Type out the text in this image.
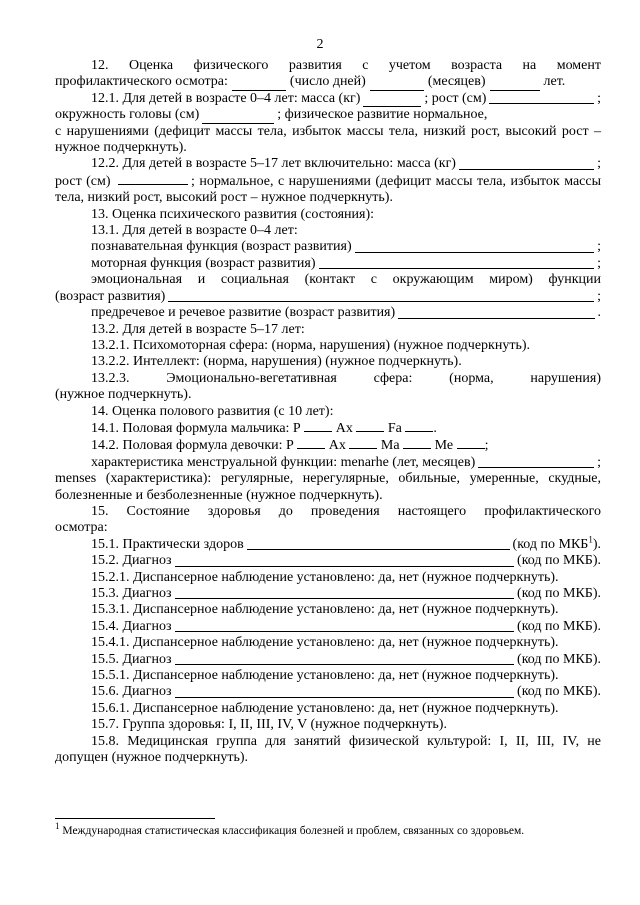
2

12. Оценка физического развития с учетом возраста на момент

профилактического осмотра:	(число дней)	(месяцев)	лет.

12.1. Для детей в возрасте 0–4 лет: масса (кг)	; рост (см)	;

окружность головы (см)	; физическое развитие нормальное,

с нарушениями (дефицит массы тела, избыток массы тела, низкий рост, высокий рост – нужное подчеркнуть).

12.2. Для детей в возрасте 5–17 лет включительно: масса (кг)	;

рост (см)	; нормальное, с нарушениями (дефицит массы тела, избыток массы тела, низкий рост, высокий рост – нужное подчеркнуть).

13. Оценка психического развития (состояния):

13.1. Для детей в возрасте 0–4 лет:

познавательная функция (возраст развития)	;

моторная функция (возраст развития)	;

эмоциональная и социальная (контакт с окружающим миром) функции

(возраст развития)	;

предречевое и речевое развитие (возраст развития)	.

13.2. Для детей в возрасте 5–17 лет:

13.2.1. Психомоторная сфера: (норма, нарушения) (нужное подчеркнуть).

13.2.2. Интеллект: (норма, нарушения) (нужное подчеркнуть).

13.2.3. Эмоционально-вегетативная сфера: (норма, нарушения)

(нужное подчеркнуть).

14. Оценка полового развития (с 10 лет):

14.1. Половая формула мальчика: Р	Ах	Fa .

14.2. Половая формула девочки: Р	Ах	Ма	Ме ;

характеристика менструальной функции: menarhe (лет, месяцев)	;

menses (характеристика): регулярные, нерегулярные, обильные, умеренные, скудные, болезненные и безболезненные (нужное подчеркнуть).

15. Состояние здоровья до проведения настоящего профилактического

осмотра:

15.1. Практически здоров	(код по МКБ$^1$).

15.2. Диагноз	(код по МКБ).

15.2.1. Диспансерное наблюдение установлено: да, нет (нужное подчеркнуть).

15.3. Диагноз	(код по МКБ).

15.3.1. Диспансерное наблюдение установлено: да, нет (нужное подчеркнуть).

15.4. Диагноз	(код по МКБ).

15.4.1. Диспансерное наблюдение установлено: да, нет (нужное подчеркнуть).

15.5. Диагноз	(код по МКБ).

15.5.1. Диспансерное наблюдение установлено: да, нет (нужное подчеркнуть).

15.6. Диагноз	(код по МКБ).

15.6.1. Диспансерное наблюдение установлено: да, нет (нужное подчеркнуть).

15.7. Группа здоровья: I, II, III, IV, V (нужное подчеркнуть).

15.8. Медицинская группа для занятий физической культурой: I, II, III, IV, не допущен (нужное подчеркнуть).

$^1$ Международная статистическая классификация болезней и проблем, связанных со здоровьем.
